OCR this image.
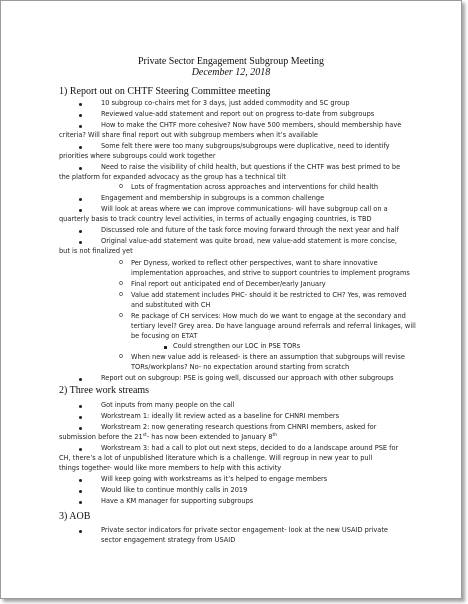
Private Sector Engagement Subgroup Meeting
December 12, 2018
1) Report out on CHTF Steering Committee meeting
10 subgroup co-chairs met for 3 days, just added commodity and SC group
Reviewed value-add statement and report out on progress to-date from subgroups
How to make the CHTF more cohesive? Now have 500 members, should membership have
criteria? Will share final report out with subgroup members when it’s available
Some felt there were too many subgroups/subgroups were duplicative, need to identify
priorities where subgroups could work together
Need to raise the visibility of child health, but questions if the CHTF was best primed to be
the platform for expanded advocacy as the group has a technical tilt
o Lots of fragmentation across approaches and interventions for child health
Engagement and membership in subgroups is a common challenge
Will look at areas where we can improve communications- will have subgroup call on a
quarterly basis to track country level activities, in terms of actually engaging countries, is TBD
Discussed role and future of the task force moving forward through the next year and half
Original value-add statement was quite broad, new value-add statement is more concise,
but is not finalized yet
o Per Dyness, worked to reflect other perspectives, want to share innovative
implementation approaches, and strive to support countries to implement programs
o Final report out anticipated end of December/early January
o Value add statement includes PHC- should it be restricted to CH? Yes, was removed
and substituted with CH
o Re package of CH services: How much do we want to engage at the secondary and
tertiary level? Grey area. Do have language around referrals and referral linkages, will
be focusing on ETAT
Could strengthen our LOC in PSE TORs
o When new value add is released- is there an assumption that subgroups will revise
TORs/workplans? No- no expectation around starting from scratch
Report out on subgroup: PSE is going well, discussed our approach with other subgroups
2) Three work streams
Got inputs from many people on the call
Workstream 1: ideally lit review acted as a baseline for CHNRI members
Workstream 2: now generating research questions from CHNRI members, asked for
submission before the 21st- has now been extended to January 8th
Workstream 3: had a call to plot out next steps, decided to do a landscape around PSE for
CH, there’s a lot of unpublished literature which is a challenge. Will regroup in new year to pull
things together- would like more members to help with this activity
Will keep going with workstreams as it’s helped to engage members
Would like to continue monthly calls in 2019
Have a KM manager for supporting subgroups
3) AOB
Private sector indicators for private sector engagement- look at the new USAID private
sector engagement strategy from USAID
